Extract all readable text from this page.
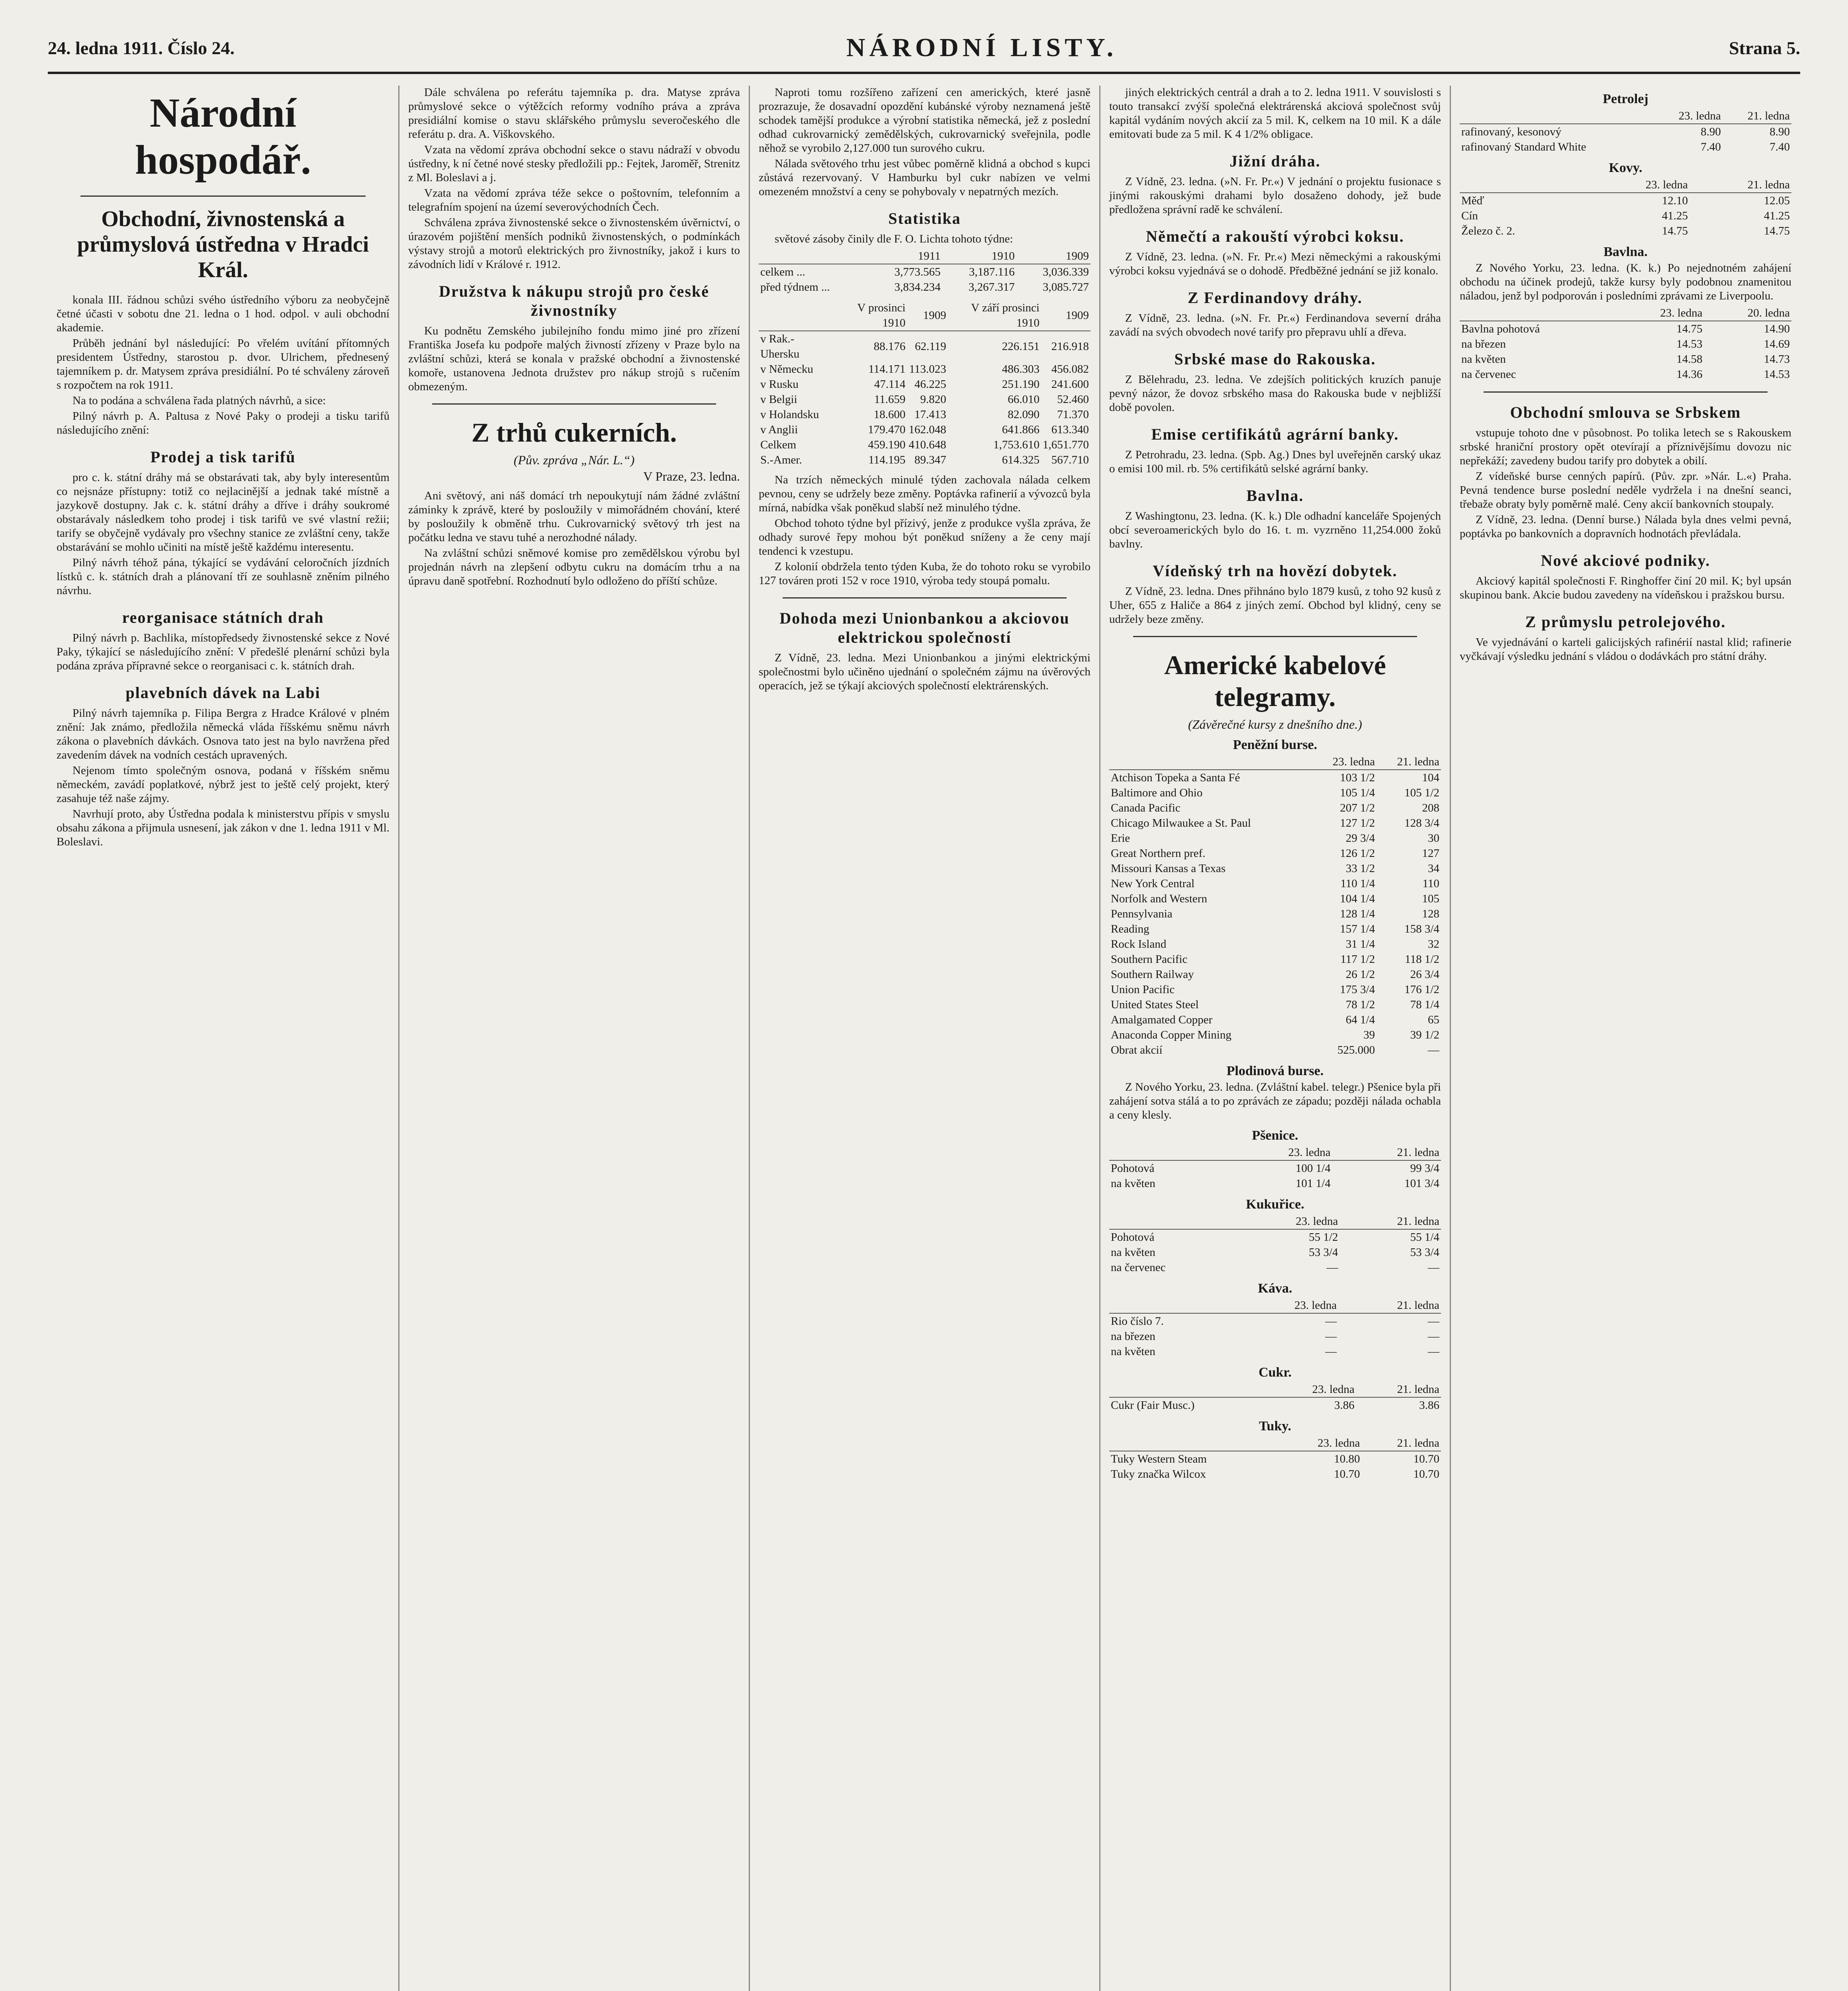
24. ledna 1911. Číslo 24.	NÁRODNÍ LISTY.	Strana 5.
Národní hospodář.
Obchodní, živnostenská a průmyslová ústředna v Hradci Král.

konala III. řádnou schůzi svého ústředního výboru za neobyčejně četné účasti v sobotu dne 21. ledna o 1 hod. odpol. v auli obchodní akademie.

Průběh jednání byl následující: Po vřelém uvítání přítomných presidentem Ústředny, starostou p. dvor. Ulrichem, přednesený tajemníkem p. dr. Matysem zpráva presidiální. Po té schváleny zároveň s rozpočtem na rok 1911.

Na to podána a schválena řada platných návrhů, a sice:

Pilný návrh p. A. Paltusa z Nové Paky o prodeji a tisku tarifů následujícího znění:

Prodej a tisk tarifů

pro c. k. státní dráhy má se obstarávati tak, aby byly interesentům co nejsnáze přístupny: totiž co nejlacinější a jednak také místně a jazykově dostupny. Jak c. k. státní dráhy a dříve i dráhy soukromé obstarávaly následkem toho prodej i tisk tarifů ve své vlastní režii; tarify se obyčejně vydávaly pro všechny stanice ze zvláštní ceny, takže obstarávání se mohlo učiniti na místě ještě každému interesentu.

Pilný návrh téhož pána, týkající se vydávání celoročních jízdních lístků c. k. státních drah a plánovaní tří ze souhlasně zněním pilného návrhu.

reorganisace státních drah

Pilný návrh p. Bachlika, místopředsedy živnostenské sekce z Nové Paky, týkající se následujícího znění: V předešlé plenární schůzi byla podána zpráva přípravné sekce o reorganisaci c. k. státních drah.

plavebních dávek na Labi

Pilný návrh tajemníka p. Filipa Bergra z Hradce Králové v plném znění: Jak známo, předložila německá vláda říšskému sněmu návrh zákona o plavebních dávkách. Osnova tato jest na bylo navržena před zavedením dávek na vodních cestách upravených.

Nejenom tímto společným osnova, podaná v říšském sněmu německém, zavádí poplatkové, nýbrž jest to ještě celý projekt, který zasahuje též naše zájmy.

Navrhují proto, aby Ústředna podala k ministerstvu přípis v smyslu obsahu zákona a přijmula usnesení, jak zákon v dne 1. ledna 1911 v Ml. Boleslavi.

Dále schválena po referátu tajemníka p. dra. Matyse zpráva průmyslové sekce o výtěžcích reformy vodního práva a zpráva presidiální komise o stavu sklářského průmyslu severočeského dle referátu p. dra. A. Viškovského.

Vzata na vědomí zpráva obchodní sekce o stavu nádraží v obvodu ústředny, k ní četné nové stesky předložili pp.: Fejtek, Jaroměř, Strenitz z Ml. Boleslavi a j.

Vzata na vědomí zpráva téže sekce o poštovním, telefonním a telegrafním spojení na území severovýchodních Čech.

Schválena zpráva živnostenské sekce o živnostenském úvěrnictví, o úrazovém pojištění menších podniků živnostenských, o podmínkách výstavy strojů a motorů elektrických pro živnostníky, jakož i kurs to závodních lidí v Králové r. 1912.

Družstva k nákupu strojů pro české živnostníky

Ku podnětu Zemského jubilejního fondu mimo jiné pro zřízení Františka Josefa ku podpoře malých živností zřízeny v Praze bylo na zvláštní schůzi, která se konala v pražské obchodní a živnostenské komoře, ustanovena Jednota družstev pro nákup strojů s ručením obmezeným.

Z trhů cukerních.
(Pův. zpráva „Nár. L.“)
V Praze, 23. ledna.

Ani světový, ani náš domácí trh nepoukytují nám žádné zvláštní záminky k zprávě, které by posloužily v mimořádném chování, které by posloužily k obměně trhu. Cukrovarnický světový trh jest na počátku ledna ve stavu tuhé a nerozhodné nálady.

Na zvláštní schůzi sněmové komise pro zemědělskou výrobu byl projednán návrh na zlepšení odbytu cukru na domácím trhu a na úpravu daně spotřební. Rozhodnutí bylo odloženo do příští schůze.

Naproti tomu rozšířeno zařízení cen amerických, které jasně prozrazuje, že dosavadní opozdění kubánské výroby neznamená ještě schodek tamější produkce a výrobní statistika německá, jež z poslední odhad cukrovarnický zemědělských, cukrovarnický sveřejnila, podle něhož se vyrobilo 2,127.000 tun surového cukru.

Nálada světového trhu jest vůbec poměrně klidná a obchod s kupci zůstává rezervovaný. V Hamburku byl cukr nabízen ve velmi omezeném množství a ceny se pohybovaly v nepatrných mezích.

Statistika

světové zásoby činily dle F. O. Lichta tohoto týdne:

	1911	1910	1909
celkem ...	3,773.565	3,187.116	3,036.339
před týdnem ...	3,834.234	3,267.317	3,085.727
	V prosinci 1910	1909	V září prosinci 1910	1909
v Rak.-Uhersku	88.176	62.119	226.151	216.918
v Německu	114.171	113.023	486.303	456.082
v Rusku	47.114	46.225	251.190	241.600
v Belgii	11.659	9.820	66.010	52.460
v Holandsku	18.600	17.413	82.090	71.370
v Anglii	179.470	162.048	641.866	613.340
Celkem	459.190	410.648	1,753.610	1,651.770
S.-Amer.	114.195	89.347	614.325	567.710

Na trzích německých minulé týden zachovala nálada celkem pevnou, ceny se udržely beze změny. Poptávka rafinerií a vývozců byla mírná, nabídka však poněkud slabší než minulého týdne.

Obchod tohoto týdne byl přízivý, jenže z produkce vyšla zpráva, že odhady surové řepy mohou být poněkud sníženy a že ceny mají tendenci k vzestupu.

Z kolonií obdržela tento týden Kuba, že do tohoto roku se vyrobilo 127 továren proti 152 v roce 1910, výroba tedy stoupá pomalu.

Dohoda mezi Unionbankou a akciovou elektrickou společností

Z Vídně, 23. ledna. Mezi Unionbankou a jinými elektrickými společnostmi bylo učiněno ujednání o společném zájmu na úvěrových operacích, jež se týkají akciových společností elektrárenských.

jiných elektrických centrál a drah a to 2. ledna 1911. V souvislosti s touto transakcí zvýší společná elektrárenská akciová společnost svůj kapitál vydáním nových akcií za 5 mil. K, celkem na 10 mil. K a dále emitovati bude za 5 mil. K 4 1/2% obligace.

Jižní dráha.

Z Vídně, 23. ledna. (»N. Fr. Pr.«) V jednání o projektu fusionace s jinými rakouskými drahami bylo dosaženo dohody, jež bude předložena správní radě ke schválení.

Němečtí a rakouští výrobci koksu.

Z Vídně, 23. ledna. (»N. Fr. Pr.«) Mezi německými a rakouskými výrobci koksu vyjednává se o dohodě. Předběžné jednání se již konalo.

Z Ferdinandovy dráhy.

Z Vídně, 23. ledna. (»N. Fr. Pr.«) Ferdinandova severní dráha zavádí na svých obvodech nové tarify pro přepravu uhlí a dřeva.

Srbské mase do Rakouska.

Z Bělehradu, 23. ledna. Ve zdejších politických kruzích panuje pevný názor, že dovoz srbského masa do Rakouska bude v nejbližší době povolen.

Emise certifikátů agrární banky.

Z Petrohradu, 23. ledna. (Spb. Ag.) Dnes byl uveřejněn carský ukaz o emisi 100 mil. rb. 5% certifikátů selské agrární banky.

Bavlna.

Z Washingtonu, 23. ledna. (K. k.) Dle odhadní kanceláře Spojených obcí severoamerických bylo do 16. t. m. vyzrněno 11,254.000 žoků bavlny.

Vídeňský trh na hovězí dobytek.

Z Vídně, 23. ledna. Dnes přihnáno bylo 1879 kusů, z toho 92 kusů z Uher, 655 z Haliče a 864 z jiných zemí. Obchod byl klidný, ceny se udržely beze změny.

Americké kabelové telegramy.
(Závěrečné kursy z dnešního dne.)
Peněžní burse.
	23. ledna	21. ledna
Atchison Topeka a Santa Fé	103 1/2	104
Baltimore and Ohio	105 1/4	105 1/2
Canada Pacific	207 1/2	208
Chicago Milwaukee a St. Paul	127 1/2	128 3/4
Erie	29 3/4	30
Great Northern pref.	126 1/2	127
Missouri Kansas a Texas	33 1/2	34
New York Central	110 1/4	110
Norfolk and Western	104 1/4	105
Pennsylvania	128 1/4	128
Reading	157 1/4	158 3/4
Rock Island	31 1/4	32
Southern Pacific	117 1/2	118 1/2
Southern Railway	26 1/2	26 3/4
Union Pacific	175 3/4	176 1/2
United States Steel	78 1/2	78 1/4
Amalgamated Copper	64 1/4	65
Anaconda Copper Mining	39	39 1/2
Obrat akcií	525.000	—
Plodinová burse.

Z Nového Yorku, 23. ledna. (Zvláštní kabel. telegr.) Pšenice byla při zahájení sotva stálá a to po zprávách ze západu; později nálada ochabla a ceny klesly.

Pšenice.
	23. ledna	21. ledna
Pohotová	100 1/4	99 3/4
na květen	101 1/4	101 3/4
Kukuřice.
	23. ledna	21. ledna
Pohotová	55 1/2	55 1/4
na květen	53 3/4	53 3/4
na červenec	—	—
Káva.
	23. ledna	21. ledna
Rio číslo 7.	—	—
na březen	—	—
na květen	—	—
Cukr.
	23. ledna	21. ledna
Cukr (Fair Musc.)	3.86	3.86
Tuky.
	23. ledna	21. ledna
Tuky Western Steam	10.80	10.70
Tuky značka Wilcox	10.70	10.70
Petrolej
	23. ledna	21. ledna
rafinovaný, kesonový	8.90	8.90
rafinovaný Standard White	7.40	7.40
Kovy.
	23. ledna	21. ledna
Měď	12.10	12.05
Cín	41.25	41.25
Železo č. 2.	14.75	14.75
Bavlna.

Z Nového Yorku, 23. ledna. (K. k.) Po nejednotném zahájení obchodu na účinek prodejů, takže kursy byly podobnou znamenitou náladou, jenž byl podporován i posledními zprávami ze Liverpoolu.

	23. ledna	20. ledna
Bavlna pohotová	14.75	14.90
na březen	14.53	14.69
na květen	14.58	14.73
na červenec	14.36	14.53
Obchodní smlouva se Srbskem

vstupuje tohoto dne v působnost. Po tolika letech se s Rakouskem srbské hraniční prostory opět otevírají a příznivějšímu dovozu nic nepřekáží; zavedeny budou tarify pro dobytek a obilí.

Z vídeňské burse cenných papírů. (Pův. zpr. »Nár. L.«) Praha. Pevná tendence burse poslední neděle vydržela i na dnešní seanci, třebaže obraty byly poměrně malé. Ceny akcií bankovních stoupaly.

Z Vídně, 23. ledna. (Denní burse.) Nálada byla dnes velmi pevná, poptávka po bankovních a dopravních hodnotách převládala.

Nové akciové podniky.

Akciový kapitál společnosti F. Ringhoffer činí 20 mil. K; byl upsán skupinou bank. Akcie budou zavedeny na vídeňskou i pražskou bursu.

Z průmyslu petrolejového.

Ve vyjednávání o karteli galicijských rafinérií nastal klid; rafinerie vyčkávají výsledku jednání s vládou o dodávkách pro státní dráhy.
